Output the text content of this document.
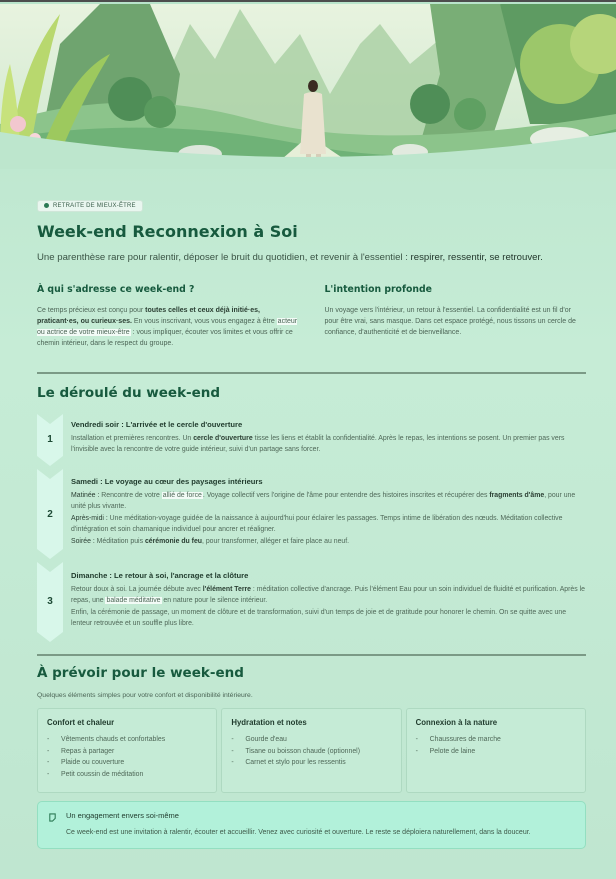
RETRAITE DE MIEUX-ÊTRE
Week-end Reconnexion à Soi

Une parenthèse rare pour ralentir, déposer le bruit du quotidien, et revenir à l'essentiel : respirer, ressentir, se retrouver.

À qui s'adresse ce week-end ?

Ce temps précieux est conçu pour toutes celles et ceux déjà initié·es, praticant·es, ou curieux·ses. En vous inscrivant, vous vous engagez à être acteur ou actrice de votre mieux-être : vous impliquer, écouter vos limites et vous offrir ce chemin intérieur, dans le respect du groupe.

L'intention profonde

Un voyage vers l'intérieur, un retour à l'essentiel. La confidentialité est un fil d'or pour être vrai, sans masque. Dans cet espace protégé, nous tissons un cercle de confiance, d'authenticité et de bienveillance.

Le déroulé du week-end
1
Vendredi soir : L'arrivée et le cercle d'ouverture

Installation et premières rencontres. Un cercle d'ouverture tisse les liens et établit la confidentialité. Après le repas, les intentions se posent. Un premier pas vers l'invisible avec la rencontre de votre guide intérieur, suivi d'un partage sans forcer.

2
Samedi : Le voyage au cœur des paysages intérieurs

Matinée : Rencontre de votre allié de force. Voyage collectif vers l'origine de l'âme pour entendre des histoires inscrites et récupérer des fragments d'âme, pour une unité plus vivante.

Après-midi : Une méditation-voyage guidée de la naissance à aujourd'hui pour éclairer les passages. Temps intime de libération des nœuds. Méditation collective d'intégration et soin chamanique individuel pour ancrer et réaligner.

Soirée : Méditation puis cérémonie du feu, pour transformer, alléger et faire place au neuf.

3
Dimanche : Le retour à soi, l'ancrage et la clôture

Retour doux à soi. La journée débute avec l'élément Terre : méditation collective d'ancrage. Puis l'élément Eau pour un soin individuel de fluidité et purification. Après le repas, une balade méditative en nature pour le silence intérieur.

Enfin, la cérémonie de passage, un moment de clôture et de transformation, suivi d'un temps de joie et de gratitude pour honorer le chemin. On se quitte avec une lenteur retrouvée et un souffle plus libre.

À prévoir pour le week-end

Quelques éléments simples pour votre confort et disponibilité intérieure.

Confort et chaleur
- Vêtements chauds et confortables
- Repas à partager
- Plaide ou couverture
- Petit coussin de méditation
Hydratation et notes
- Gourde d'eau
- Tisane ou boisson chaude (optionnel)
- Carnet et stylo pour les ressentis
Connexion à la nature
- Chaussures de marche
- Pelote de laine
Un engagement envers soi-même

Ce week-end est une invitation à ralentir, écouter et accueillir. Venez avec curiosité et ouverture. Le reste se déploiera naturellement, dans la douceur.
